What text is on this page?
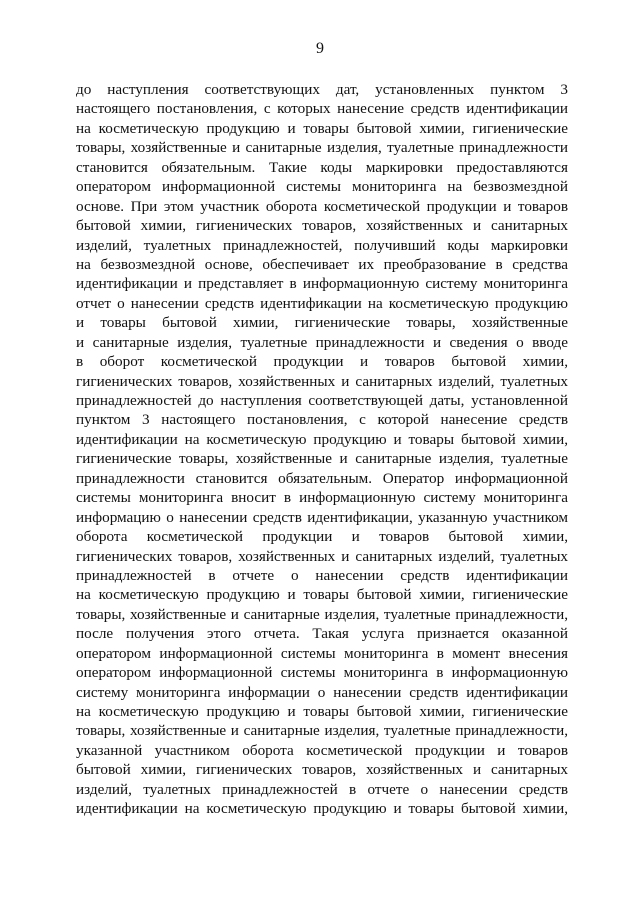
9
до наступления соответствующих дат, установленных пунктом 3
настоящего постановления, с которых нанесение средств идентификации
на косметическую продукцию и товары бытовой химии, гигиенические
товары, хозяйственные и санитарные изделия, туалетные принадлежности
становится обязательным. Такие коды маркировки предоставляются
оператором информационной системы мониторинга на безвозмездной
основе. При этом участник оборота косметической продукции и товаров
бытовой химии, гигиенических товаров, хозяйственных и санитарных
изделий, туалетных принадлежностей, получивший коды маркировки
на безвозмездной основе, обеспечивает их преобразование в средства
идентификации и представляет в информационную систему мониторинга
отчет о нанесении средств идентификации на косметическую продукцию
и товары бытовой химии, гигиенические товары, хозяйственные
и санитарные изделия, туалетные принадлежности и сведения о вводе
в оборот косметической продукции и товаров бытовой химии,
гигиенических товаров, хозяйственных и санитарных изделий, туалетных
принадлежностей до наступления соответствующей даты, установленной
пунктом 3 настоящего постановления, с которой нанесение средств
идентификации на косметическую продукцию и товары бытовой химии,
гигиенические товары, хозяйственные и санитарные изделия, туалетные
принадлежности становится обязательным. Оператор информационной
системы мониторинга вносит в информационную систему мониторинга
информацию о нанесении средств идентификации, указанную участником
оборота косметической продукции и товаров бытовой химии,
гигиенических товаров, хозяйственных и санитарных изделий, туалетных
принадлежностей в отчете о нанесении средств идентификации
на косметическую продукцию и товары бытовой химии, гигиенические
товары, хозяйственные и санитарные изделия, туалетные принадлежности,
после получения этого отчета. Такая услуга признается оказанной
оператором информационной системы мониторинга в момент внесения
оператором информационной системы мониторинга в информационную
систему мониторинга информации о нанесении средств идентификации
на косметическую продукцию и товары бытовой химии, гигиенические
товары, хозяйственные и санитарные изделия, туалетные принадлежности,
указанной участником оборота косметической продукции и товаров
бытовой химии, гигиенических товаров, хозяйственных и санитарных
изделий, туалетных принадлежностей в отчете о нанесении средств
идентификации на косметическую продукцию и товары бытовой химии,
